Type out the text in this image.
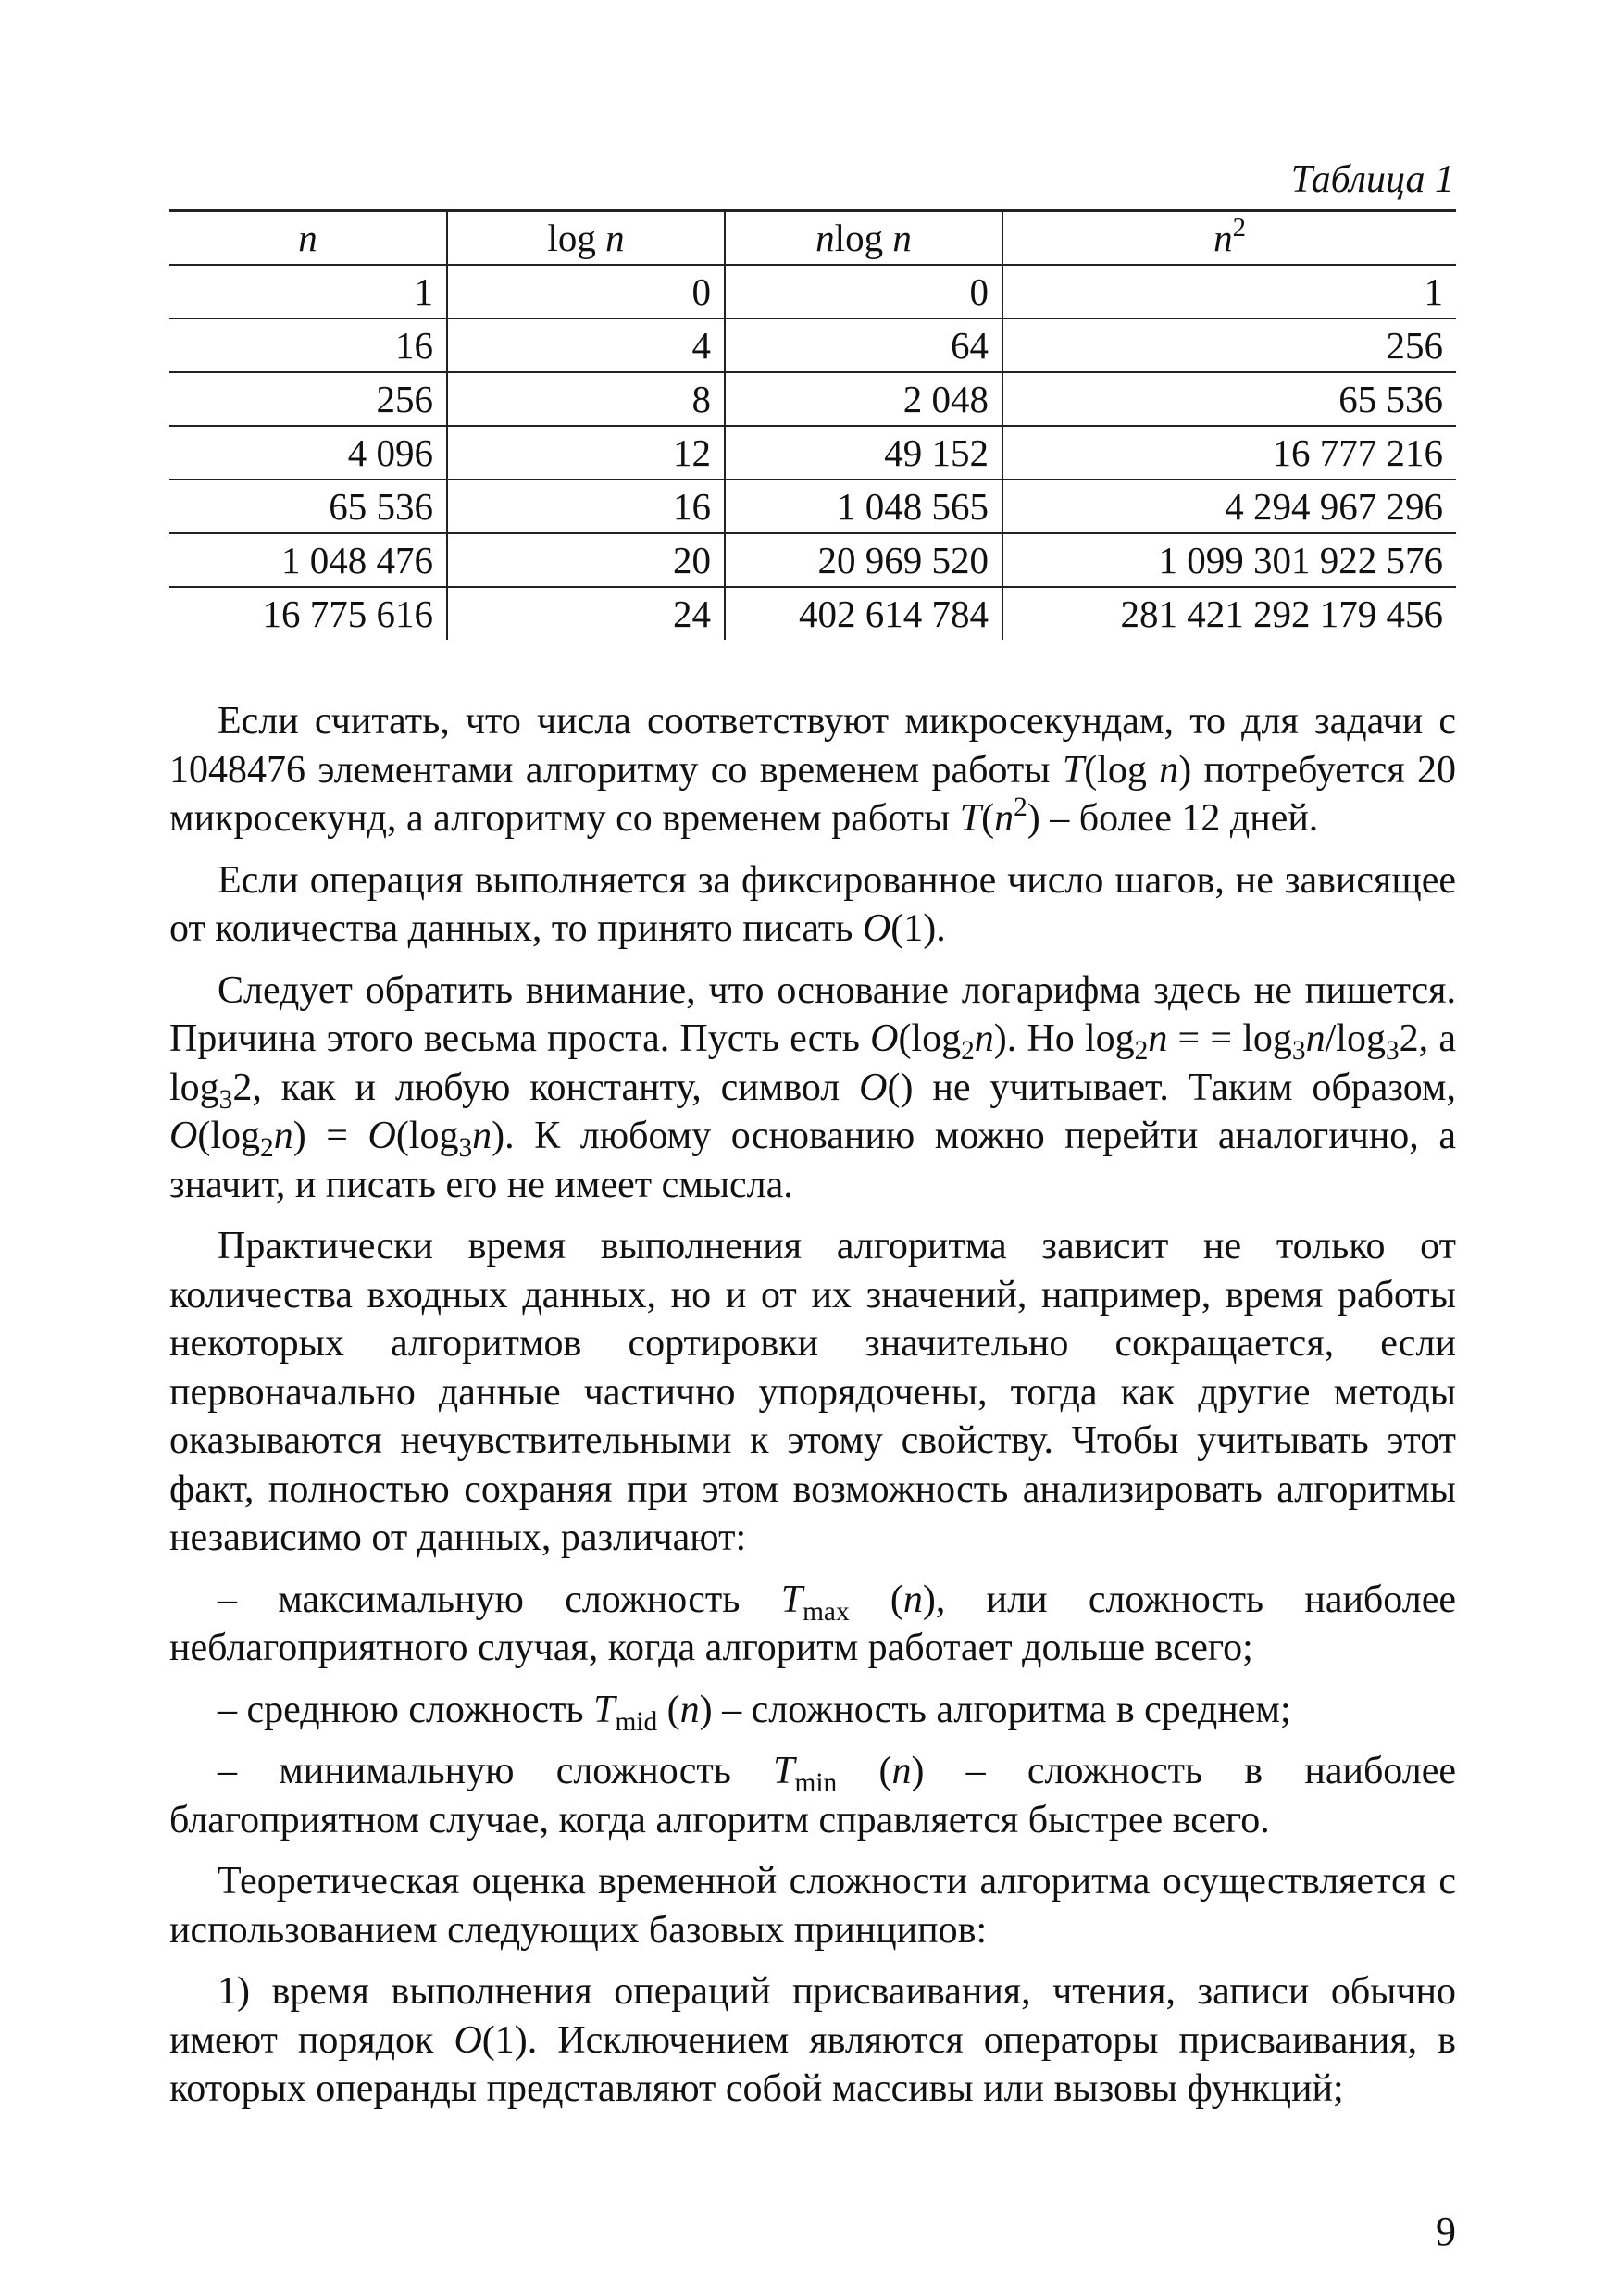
Таблица 1
n	log n	nlog n	$n^2$
1	0	0	1
16	4	64	256
256	8	2 048	65 536
4 096	12	49 152	16 777 216
65 536	16	1 048 565	4 294 967 296
1 048 476	20	20 969 520	1 099 301 922 576
16 775 616	24	402 614 784	281 421 292 179 456

Если считать, что числа соответствуют микросекундам, то для задачи с 1048476 элементами алгоритму со временем работы T(log n) потребуется 20 микросекунд, а алгоритму со временем работы $T(n^2)$ – более 12 дней.

Если операция выполняется за фиксированное число шагов, не зависящее от количества данных, то принято писать O(1).

Следует обратить внимание, что основание логарифма здесь не пишется. Причина этого весьма проста. Пусть есть $O(\log_2n)$. Но $\log_2n$ = = $\log_3n/\log_32$, а $\log_32$, как и любую константу, символ O() не учитывает. Таким образом, $O(\log_2n) = O(\log_3n)$. К любому основанию можно перейти аналогично, а значит, и писать его не имеет смысла.

Практически время выполнения алгоритма зависит не только от количества входных данных, но и от их значений, например, время работы некоторых алгоритмов сортировки значительно сокращается, если первоначально данные частично упорядочены, тогда как другие методы оказываются нечувствительными к этому свойству. Чтобы учитывать этот факт, полностью сохраняя при этом возможность анализировать алгоритмы независимо от данных, различают:

– максимальную сложность $T_{max}$ (n), или сложность наиболее неблагоприятного случая, когда алгоритм работает дольше всего;

– среднюю сложность $T_{mid}$ (n) – сложность алгоритма в среднем;

– минимальную сложность $T_{min}$ (n) – сложность в наиболее благоприятном случае, когда алгоритм справляется быстрее всего.

Теоретическая оценка временной сложности алгоритма осуществляется с использованием следующих базовых принципов:

1) время выполнения операций присваивания, чтения, записи обычно имеют порядок O(1). Исключением являются операторы присваивания, в которых операнды представляют собой массивы или вызовы функций;

9
